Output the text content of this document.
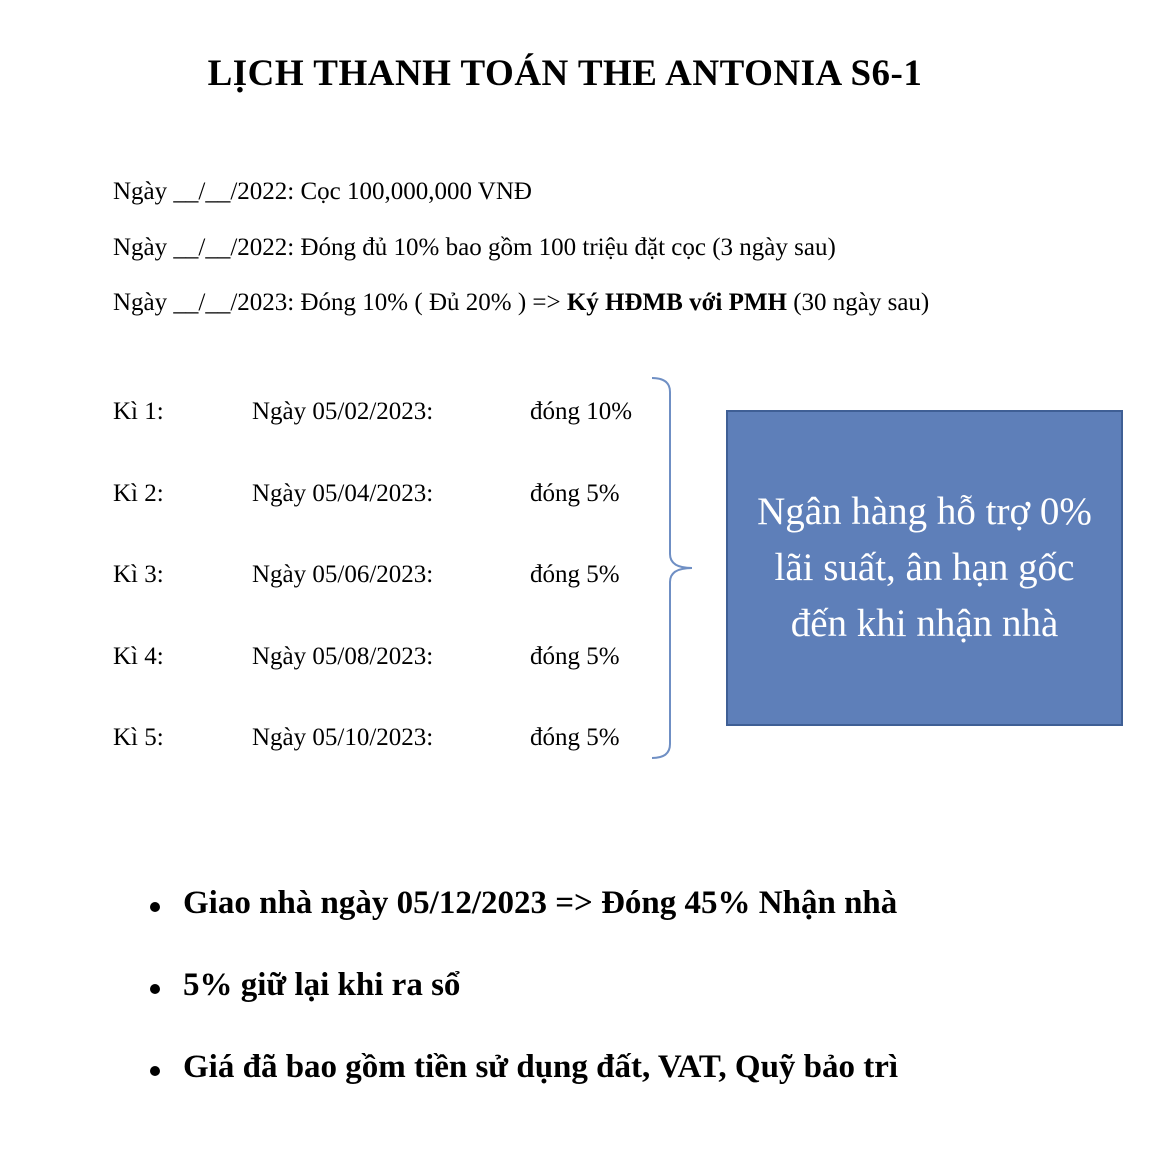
LỊCH THANH TOÁN THE ANTONIA S6-1
Ngày __/__/2022: Cọc 100,000,000 VNĐ
Ngày __/__/2022: Đóng đủ 10% bao gồm 100 triệu đặt cọc (3 ngày sau)
Ngày __/__/2023: Đóng 10% ( Đủ 20% ) => Ký HĐMB với PMH (30 ngày sau)
Kì 1:	Ngày 05/02/2023:	đóng 10%
Kì 2:	Ngày 05/04/2023:	đóng 5%
Kì 3:	Ngày 05/06/2023:	đóng 5%
Kì 4:	Ngày 05/08/2023:	đóng 5%
Kì 5:	Ngày 05/10/2023:	đóng 5%
Ngân hàng hỗ trợ 0%
lãi suất, ân hạn gốc
đến khi nhận nhà
Giao nhà ngày 05/12/2023 => Đóng 45% Nhận nhà
5% giữ lại khi ra sổ
Giá đã bao gồm tiền sử dụng đất, VAT, Quỹ bảo trì
